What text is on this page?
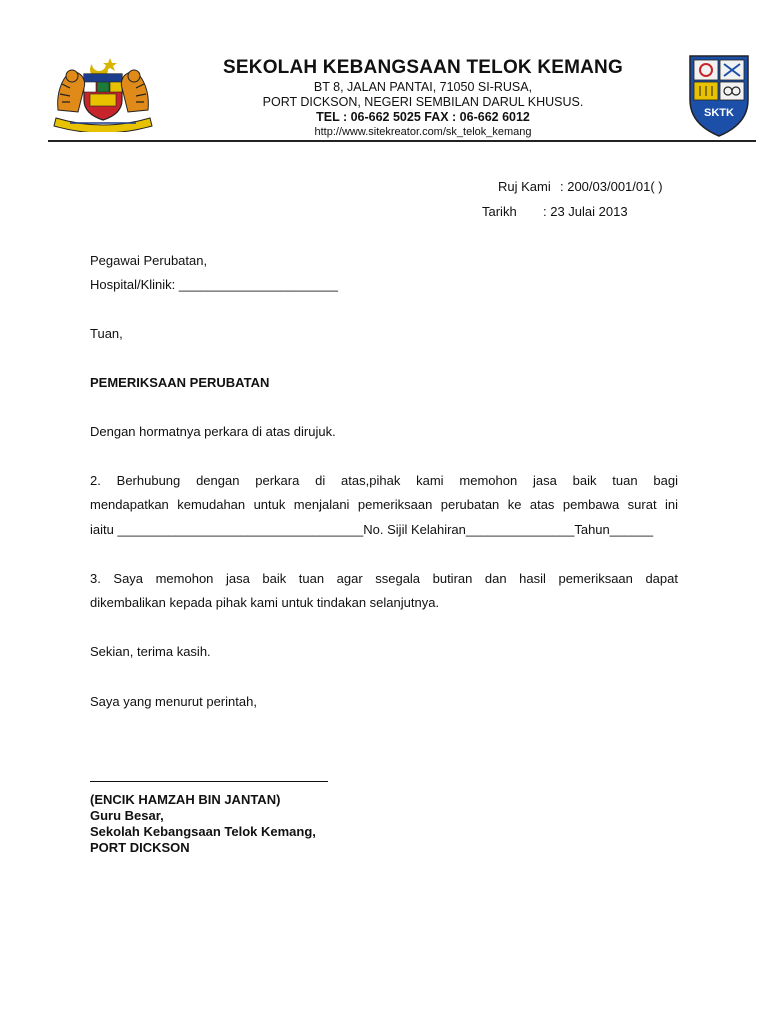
SEKOLAH KEBANGSAAN TELOK KEMANG
BT 8, JALAN PANTAI, 71050 SI-RUSA,
PORT DICKSON, NEGERI SEMBILAN DARUL KHUSUS.
TEL : 06-662 5025 FAX : 06-662 6012
http://www.sitekreator.com/sk_telok_kemang
SKTK
Ruj Kami : 200/03/001/01( )
Tarikh : 23 Julai 2013
Pegawai Perubatan,
Hospital/Klinik: ______________________
Tuan,
PEMERIKSAAN PERUBATAN
Dengan hormatnya perkara di atas dirujuk.
2. Berhubung dengan perkara di atas,pihak kami memohon jasa baik tuan bagi
mendapatkan kemudahan untuk menjalani pemeriksaan perubatan ke atas pembawa surat ini
iaitu __________________________________No. Sijil Kelahiran_______________Tahun______
3. Saya memohon jasa baik tuan agar ssegala butiran dan hasil pemeriksaan dapat
dikembalikan kepada pihak kami untuk tindakan selanjutnya.
Sekian, terima kasih.
Saya yang menurut perintah,
(ENCIK HAMZAH BIN JANTAN)
Guru Besar,
Sekolah Kebangsaan Telok Kemang,
PORT DICKSON
